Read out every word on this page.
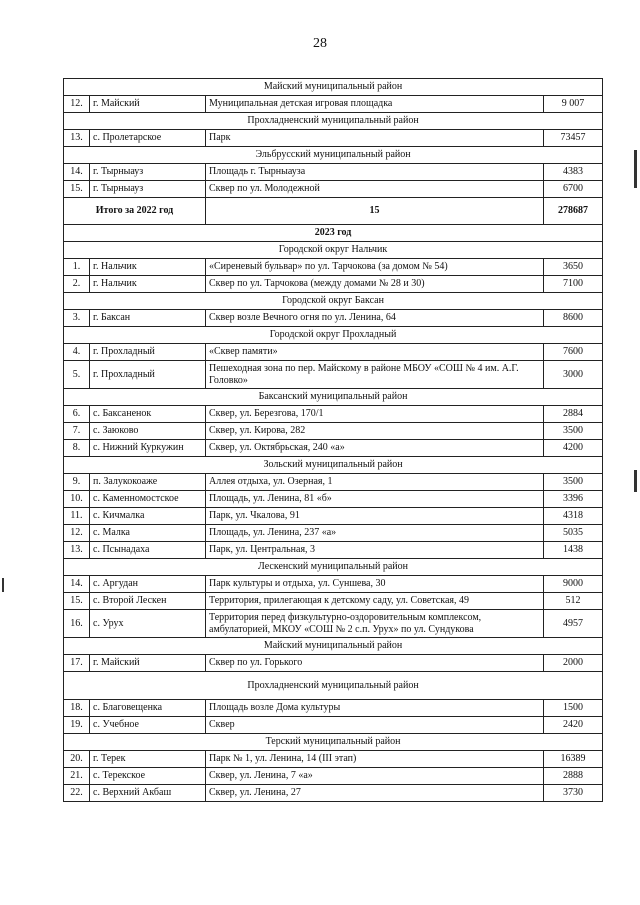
28
Майский муниципальный район			
12.	г. Майский	Муниципальная детская игровая площадка	9 007
Прохладненский муниципальный район			
13.	с. Пролетарское	Парк	73457
Эльбрусский муниципальный район			
14.	г. Тырныауз	Площадь г. Тырныауза	4383
15.	г. Тырныауз	Сквер по ул. Молодежной	6700
Итого за 2022 год		15	278687
2023 год			
Городской округ Нальчик			
1.	г. Нальчик	«Сиреневый бульвар» по ул. Тарчокова (за домом № 54)	3650
2.	г. Нальчик	Сквер по ул. Тарчокова (между домами № 28 и 30)	7100
Городской округ Баксан			
3.	г. Баксан	Сквер возле Вечного огня по ул. Ленина, 64	8600
Городской округ Прохладный			
4.	г. Прохладный	«Сквер памяти»	7600
5.	г. Прохладный	Пешеходная зона по пер. Майскому в районе МБОУ «СОШ № 4 им. А.Г. Головко»	3000
Баксанский муниципальный район			
6.	с. Баксаненок	Сквер, ул. Березгова, 170/1	2884
7.	с. Заюково	Сквер, ул. Кирова, 282	3500
8.	с. Нижний Куркужин	Сквер, ул. Октябрьская, 240 «а»	4200
Зольский муниципальный район			
9.	п. Залукокоаже	Аллея отдыха, ул. Озерная, 1	3500
10.	с. Каменномостское	Площадь, ул. Ленина, 81 «б»	3396
11.	с. Кичмалка	Парк, ул. Чкалова, 91	4318
12.	с. Малка	Площадь, ул. Ленина, 237 «а»	5035
13.	с. Псынадаха	Парк, ул. Центральная, 3	1438
Лескенский муниципальный район			
14.	с. Аргудан	Парк культуры и отдыха, ул. Суншева, 30	9000
15.	с. Второй Лескен	Территория, прилегающая к детскому саду, ул. Советская, 49	512
16.	с. Урух	Территория перед физкультурно-оздоровительным комплексом, амбулаторией, МКОУ «СОШ № 2 с.п. Урух» по ул. Сундукова	4957
Майский муниципальный район			
17.	г. Майский	Сквер по ул. Горького	2000
Прохладненский муниципальный район			
18.	с. Благовещенка	Площадь возле Дома культуры	1500
19.	с. Учебное	Сквер	2420
Терский муниципальный район			
20.	г. Терек	Парк № 1, ул. Ленина, 14 (III этап)	16389
21.	с. Терекское	Сквер, ул. Ленина, 7 «а»	2888
22.	с. Верхний Акбаш	Сквер, ул. Ленина, 27	3730
